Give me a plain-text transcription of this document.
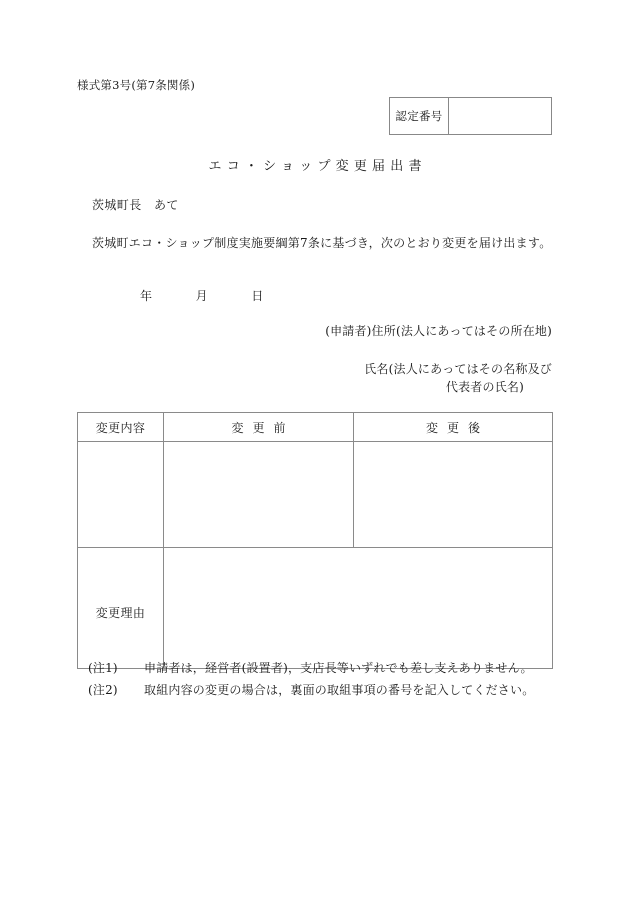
様式第3号(第7条関係)
認定番号
エコ・ショップ変更届出書
茨城町長　あて
茨城町エコ・ショップ制度実施要綱第7条に基づき，次のとおり変更を届け出ます。
年	月	日
(申請者)住所(法人にあってはその所在地)
氏名(法人にあってはその名称及び
代表者の氏名)
変更内容	変更前	変更後

変更理由		
(注1)	申請者は，経営者(設置者)，支店長等いずれでも差し支えありません。
(注2)	取組内容の変更の場合は，裏面の取組事項の番号を記入してください。
